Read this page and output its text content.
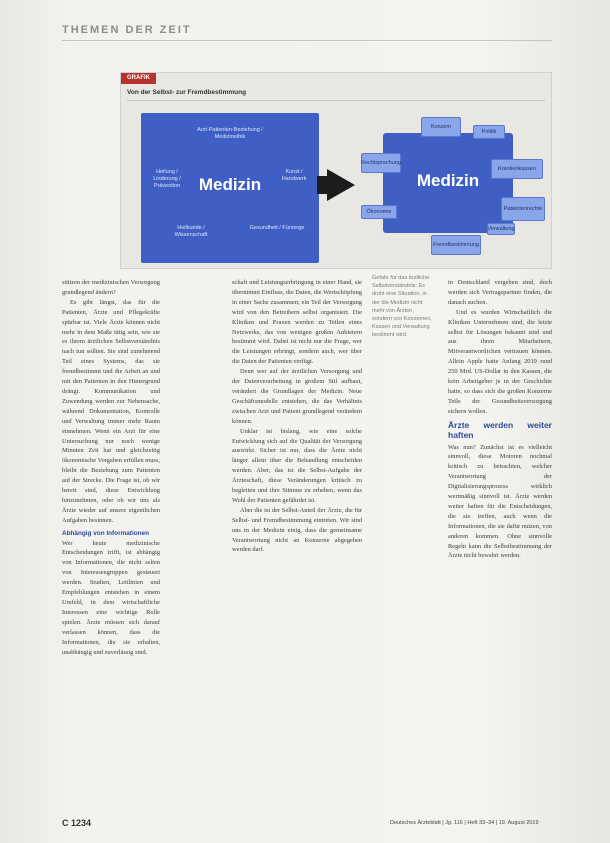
THEMEN DER ZEIT
GRAFIK
Von der Selbst- zur Fremdbestimmung
Arzt-Patienten-Beziehung / Medizinethik
Heilung / Linderung / Prävention
Kunst / Handwerk
Heilkunde / Wissenschaft
Gesundheit / Fürsorge
Medizin	Medizin
Konzern
Politik
Rechtsprechung
Krankenkassen
Ökonomie	Patientenrechte
Fremdbestimmung
Verwaltung

stützen der medizinischen Versorgung grundlegend ändern?

Es gibt längst, das für die Patienten, Ärzte und Pflegekräfte spürbar ist. Viele Ärzte können nicht mehr in dem Maße tätig sein, wie sie es ihrem ärztlichen Selbstverständnis nach tun sollten. Sie sind zunehmend Teil eines Systems, das sie fremdbestimmt und die Arbeit an und mit den Patienten in den Hintergrund drängt. Kommunikation und Zuwendung werden zur Nebensache, während Dokumentation, Kontrolle und Verwaltung immer mehr Raum einnehmen. Wenn ein Arzt für eine Untersuchung nur noch wenige Minuten Zeit hat und gleichzeitig ökonomische Vorgaben erfüllen muss, bleibt die Beziehung zum Patienten auf der Strecke. Die Frage ist, ob wir bereit sind, diese Entwicklung hinzunehmen, oder ob wir uns als Ärzte wieder auf unsere eigentlichen Aufgaben besinnen.

Abhängig von Informationen

Wer heute medizinische Entscheidungen trifft, ist abhängig von Informationen, die nicht selten von Interessengruppen gesteuert werden. Studien, Leitlinien und Empfehlungen entstehen in einem Umfeld, in dem wirtschaftliche Interessen eine wichtige Rolle spielen. Ärzte müssen sich darauf verlassen können, dass die Informationen, die sie erhalten, unabhängig und zuverlässig sind.

schaft und Leistungserbringung in einer Hand, sie übernimmt Einfluss, die Daten, die Wertschöpfung in einer Sache zusammen; ein Teil der Versorgung wird von den Betreibern selbst organisiert. Die Kliniken und Praxen werden zu Teilen eines Netzwerks, das von wenigen großen Anbietern bestimmt wird. Dabei ist nicht nur die Frage, wer die Leistungen erbringt, sondern auch, wer über die Daten der Patienten verfügt.

Denn wer auf der ärztlichen Versorgung und der Datenverarbeitung in großem Stil aufbaut, verändert die Grundlagen der Medizin. Neue Geschäftsmodelle entstehen, die das Verhältnis zwischen Arzt und Patient grundlegend verändern können.

Unklar ist bislang, wie eine solche Entwicklung sich auf die Qualität der Versorgung auswirkt. Sicher ist nur, dass die Ärzte nicht länger allein über die Behandlung entscheiden werden. Aber, das ist die Selbst-Aufgabe der Ärzteschaft, diese Veränderungen kritisch zu begleiten und ihre Stimme zu erheben, wenn das Wohl der Patienten gefährdet ist.

Aber die ist der Selbst-Anteil der Ärzte, die für Selbst- und Fremdbestimmung eintreten. Wir sind uns in der Medizin einig, dass die gemeinsame Verantwortung nicht an Konzerne abgegeben werden darf.

Gefahr für das ärztliche Selbstverständnis: Es droht eine Situation, in der die Medizin nicht mehr von Ärzten, sondern von Konzernen, Kassen und Verwaltung bestimmt wird.

in Deutschland vergeben sind, doch werden sich Vertragspartner finden, die danach suchen.

Und es wurden Wirtschaftlich die Kliniken Unternehmen sind, die letzte selbst für Lösungen bekannt sind und aus ihren Mitarbeitern, Mitverantwortlichen vertrauen können. Allein Apple hatte Anfang 2019 rund 250 Mrd. US-Dollar in den Kassen, die kein Arbeitgeber je in der Geschichte hatte, so dass sich die großen Konzerne Teile der Gesundheitsversorgung sichern wollen.

Ärzte werden weiter haften

Was nun? Zunächst ist es vielleicht sinnvoll, diese Motoren nochmal kritisch zu betrachten, welcher Verantwortung der Digitalisierungsprozess wirklich wertmäßig sinnvoll ist. Ärzte werden weiter haften für die Entscheidungen, die sie treffen, auch wenn die Informationen, die sie dafür nutzen, von anderen kommen. Ohne sinnvolle Regeln kann die Selbstbestimmung der Ärzte nicht bewahrt werden.

C 1234	Deutsches Ärzteblatt | Jg. 116 | Heft 33–34 | 19. August 2019
